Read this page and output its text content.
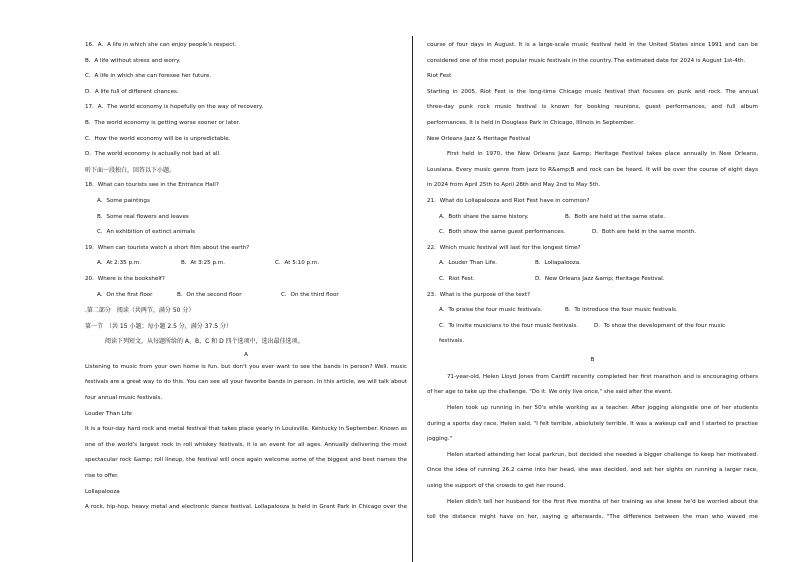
16．A．A life in which she can enjoy people's respect.
B．A life without stress and worry.
C．A life in which she can foresee her future.
D．A life full of different chances.
17．A．The world economy is hopefully on the way of recovery.
B．The world economy is getting worse sooner or later.
C．How the world economy will be is unpredictable.
D．The world economy is actually not bad at all.
听下面一段独白，回答以下小题。
18．What can tourists see in the Entrance Hall?
A．Some paintings
B．Some real flowers and leaves
C．An exhibition of extinct animals
19．When can tourists watch a short film about the earth?
A．At 2:35 p.m.	B．At 3:25 p.m.	C．At 5:10 p.m.
20．Where is the bookshelf?
A．On the first floor	B．On the second floor	C．On the third floor
.第二部分　阅读（共两节，满分 50 分）
第一节　（共 15 小题；每小题 2.5 分，满分 37.5 分）
阅读下列短文，从每题所给的 A、B、C 和 D 四个选项中，选出最佳选项。
A
Listening to music from your own home is fun. but don't you ever want to see the bands in person? Well. music
festivals are a great way to do this. You can see all your favorite bands in person. In this article, we will talk about
four annual music festivals.
Louder Than Life
It is a four-day hard rock and metal festival that takes place yearly in Louisville. Kentucky in September. Known as
one of the world's largest rock in roll whiskey festivals, it is an event for all ages. Annually delivering the most
spectacular rock &amp; roll lineup, the festival will once again welcome some of the biggest and best names the
rise to offer.
Lollapalooza
A rock, hip-hop, heavy metal and electronic dance festival. Lollapalooza is held in Grant Park in Chicago over the
course of four days in August. It is a large-scale music festival held in the United States since 1991 and can be
considered one of the most popular music festivals in the country. The estimated date for 2024 is August 1st-4th.
Riot Fest
Starting in 2005, Riot Fest is the long-time Chicago music festival that focuses on punk and rock. The annual
three-day punk rock music festival is known for booking reunions, guest performances, and full album
performances. It is held in Douglass Park in Chicago, Illinois in September.
New Orleans Jazz & Heritage Festival
First held in 1970, the New Orleans Jazz &amp; Heritage Festival takes place annually in New Orleans,
Lousiana. Every music genre from jazz to R&amp;B and rock can be heard. It will be over the course of eight days
in 2024 from April 25th to April 28th and May 2nd to May 5th.
21．What do Lollapalooza and Riot Fest have in common?
A．Both share the same history.	B．Both are held at the same state.
C．Both show the same guest performances.	D．Both are held in the same month.
22．Which music festival will last for the longest time?
A．Louder Than Life.	B．Lollapalooza.
C．Riot Fest.	D．New Orleans Jazz &amp; Heritage Festival.
23．What is the purpose of the text?
A．To praise the four music festivals.	B．To introduce the four music festivals.
C．To invite musicians to the four music festivals.	D．To show the development of the four music
festivals.
B
71-year-old, Helen Lloyd Jones from Cardiff recently completed her first marathon and is encouraging others
of her age to take up the challenge. "Do it. We only live once," she said after the event.
Helen took up running in her 50's while working as a teacher. After jogging alongside one of her students
during a sports day race, Helen said, "I felt terrible, absolutely terrible. It was a wakeup call and I started to practise
jogging."
Helen started attending her local parkrun, but decided she needed a bigger challenge to keep her motivated.
Once the idea of running 26.2 came into her head, she was decided, and set her sights on running a larger race,
using the support of the crowds to get her round.
Helen didn't tell her husband for the first five months of her training as she knew he'd be worried about the
toll the distance might have on her, saying g afterwards, "The difference between the man who waved me
